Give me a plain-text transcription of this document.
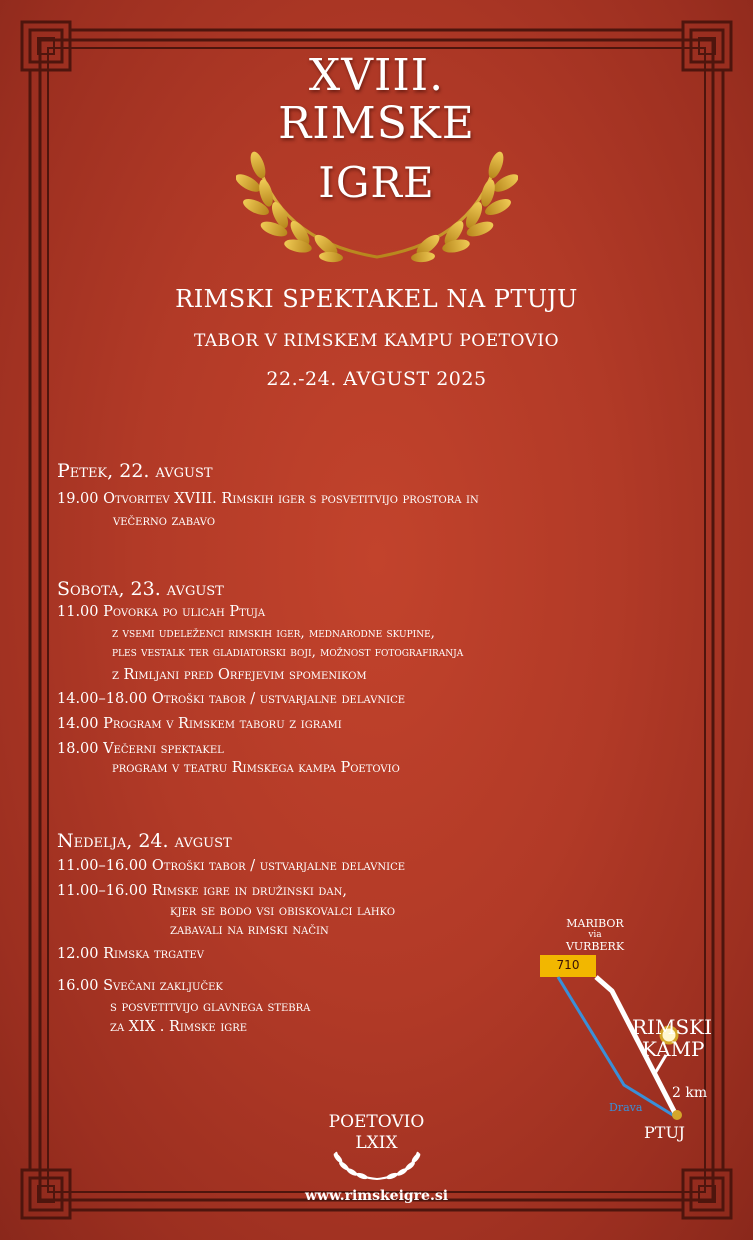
XVIII.
RIMSKE
IGRE
RIMSKI SPEKTAKEL NA PTUJU
TABOR V RIMSKEM KAMPU POETOVIO
22.-24. AVGUST 2025
Petek, 22. avgust
19.00 Otvoritev XVIII. Rimskih iger s posvetitvijo prostora in
večerno zabavo
Sobota, 23. avgust
11.00 Povorka po ulicah Ptuja
z vsemi udeleženci rimskih iger, mednarodne skupine,
ples vestalk ter gladiatorski boji, možnost fotografiranja
z Rimljani pred Orfejevim spomenikom
14.00–18.00 Otroški tabor / ustvarjalne delavnice
14.00 Program v Rimskem taboru z igrami
18.00 Večerni spektakel
program v teatru Rimskega kampa Poetovio
Nedelja, 24. avgust
11.00–16.00 Otroški tabor / ustvarjalne delavnice
11.00–16.00 Rimske igre in družinski dan,
kjer se bodo vsi obiskovalci lahko
zabavali na rimski način
12.00 Rimska trgatev
16.00 Svečani zaključek
s posvetitvijo glavnega stebra
za XIX . Rimske igre
MARIBOR
via
VURBERK
710
RIMSKI
KAMP
2 km
Drava
PTUJ
POETOVIO
LXIX
www.rimskeigre.si
